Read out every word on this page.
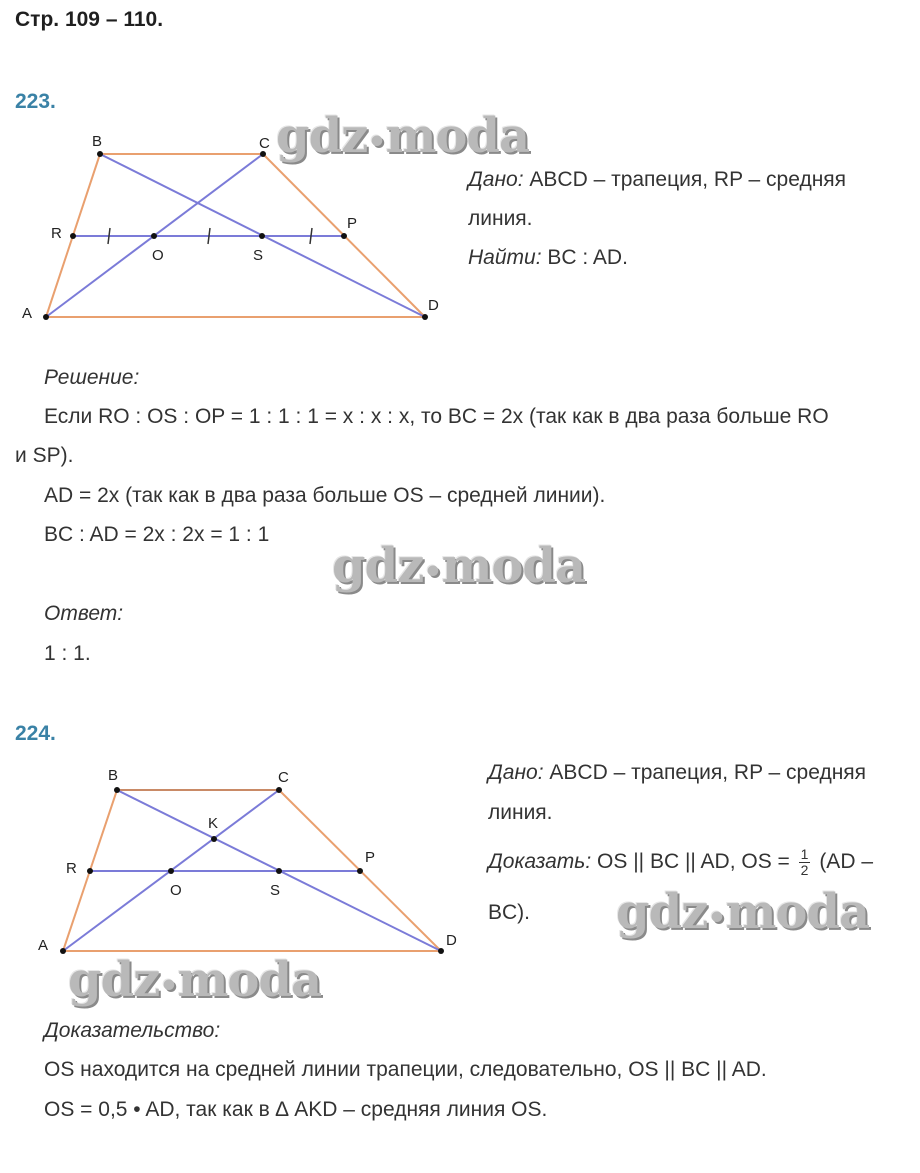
Стр. 109 – 110.
223.
B	C
A	D
R
O	S
P
gdz•moda
Дано: ABCD – трапеция, RP – средняя
линия.
Найти: BC : AD.
Решение:
Если RO : OS : OP = 1 : 1 : 1 = x : x : x, то BC = 2x (так как в два раза больше RO
и SP).
AD = 2x (так как в два раза больше OS – средней линии).
BC : AD = 2x : 2x = 1 : 1
gdz•moda
Ответ:
1 : 1.
224.
B	C
A	D
R
O	S
P
K
Дано: ABCD – трапеция, RP – средняя
линия.
Доказать: OS || BC || AD, OS = $\frac{1}{2} (AD$ –
BC). gdz•moda
gdz•moda
Доказательство:
OS находится на средней линии трапеции, следовательно, OS || BC || AD.
OS = 0,5 • AD, так как в ∆ AKD – средняя линия OS.
